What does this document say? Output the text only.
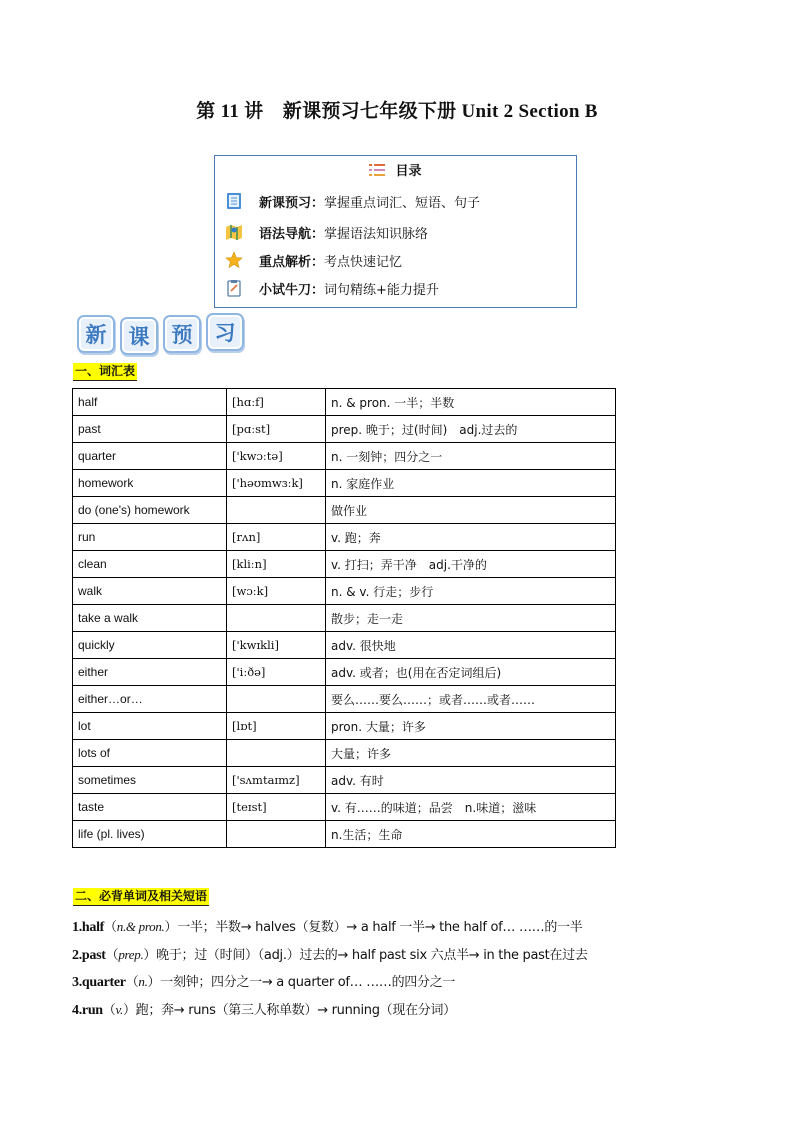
第 11 讲　新课预习七年级下册 Unit 2 Section B
目录
新课预习： 掌握重点词汇、短语、句子
语法导航： 掌握语法知识脉络
重点解析： 考点快速记忆
小试牛刀： 词句精练+能力提升
新	课	预	习
一、词汇表
half	[hɑːf]	n. & pron. 一半；半数
past	[pɑːst]	prep. 晚于；过(时间)　adj.过去的
quarter	['kwɔːtə]	n. 一刻钟；四分之一
homework	['həʊmwɜːk]	n. 家庭作业
do (one's) homework		做作业
run	[rʌn]	v. 跑；奔
clean	[kliːn]	v. 打扫；弄干净　adj.干净的
walk	[wɔːk]	n. & v. 行走；步行
take a walk		散步；走一走
quickly	['kwɪkli]	adv. 很快地
either	['iːðə]	adv. 或者；也(用在否定词组后)
either…or…		要么……要么……；或者……或者……
lot	[lɒt]	pron. 大量；许多
lots of		大量；许多
sometimes	['sʌmtaɪmz]	adv. 有时
taste	[teɪst]	v. 有……的味道；品尝　n.味道；滋味
life (pl. lives)		n.生活；生命
二、必背单词及相关短语
1.half（n.& pron.）一半；半数→ halves（复数）→ a half 一半→ the half of… ……的一半
2.past（prep.）晚于；过（时间）（adj.）过去的→ half past six 六点半→ in the past在过去
3.quarter（n.）一刻钟；四分之一→ a quarter of… ……的四分之一
4.run（v.）跑；奔→ runs（第三人称单数）→ running（现在分词）
